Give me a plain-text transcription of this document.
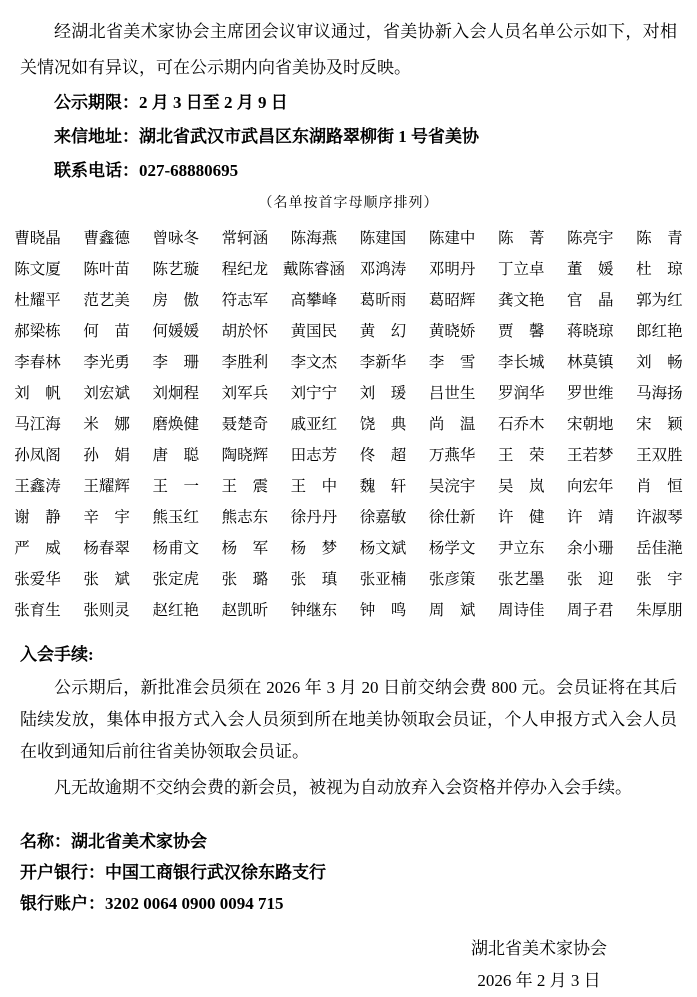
经湖北省美术家协会主席团会议审议通过，省美协新入会人员名单公示如下，对相关情况如有异议，可在公示期内向省美协及时反映。

公示期限：2 月 3 日至 2 月 9 日

来信地址：湖北省武汉市武昌区东湖路翠柳街 1 号省美协

联系电话：027-68880695

（名单按首字母顺序排列）

曹晓晶	曹鑫德	曾咏冬	常轲涵	陈海燕	陈建国	陈建中	陈菁	陈亮宇	陈青
陈文厦	陈叶苗	陈艺璇	程纪龙 戴陈睿涵 邓鸿涛	邓明丹	丁立卓	董媛	杜琼
杜耀平	范艺美	房傲	符志军	高攀峰	葛昕雨	葛昭辉	龚文艳	官晶	郭为红
郝梁栋	何苗	何媛媛	胡於怀	黄国民	黄幻	黄晓娇	贾馨	蒋晓琼	郎红艳
李春林	李光勇	李珊	李胜利	李文杰	李新华	李雪	李长城	林莫镇	刘畅
刘帆	刘宏斌	刘炯程	刘军兵	刘宁宁	刘瑗	吕世生	罗润华	罗世维	马海扬
马江海	米娜	磨焕健	聂楚奇	戚亚红	饶典	尚温	石乔木	宋朝地	宋颖
孙凤阁	孙娟	唐聪	陶晓辉	田志芳	佟超	万燕华	王荣	王若梦	王双胜
王鑫涛	王耀辉	王一	王震	王中	魏轩	吴浣宇	吴岚	向宏年	肖恒
谢静	辛宇	熊玉红	熊志东	徐丹丹	徐嘉敏	徐仕新	许健	许靖	许淑琴
严威	杨春翠	杨甫文	杨军	杨梦	杨文斌	杨学文	尹立东	余小珊	岳佳滟
张爱华	张斌	张定虎	张璐	张瑱	张亚楠	张彦策	张艺墨	张迎	张宇
张育生	张则灵	赵红艳	赵凯昕	钟继东	钟鸣	周斌	周诗佳	周子君	朱厚朋
入会手续:

公示期后，新批准会员须在 2026 年 3 月 20 日前交纳会费 800 元。会员证将在其后陆续发放，集体申报方式入会人员须到所在地美协领取会员证，个人申报方式入会人员在收到通知后前往省美协领取会员证。

凡无故逾期不交纳会费的新会员，被视为自动放弃入会资格并停办入会手续。

名称：湖北省美术家协会

开户银行：中国工商银行武汉徐东路支行

银行账户：3202 0064 0900 0094 715

湖北省美术家协会

2026 年 2 月 3 日
